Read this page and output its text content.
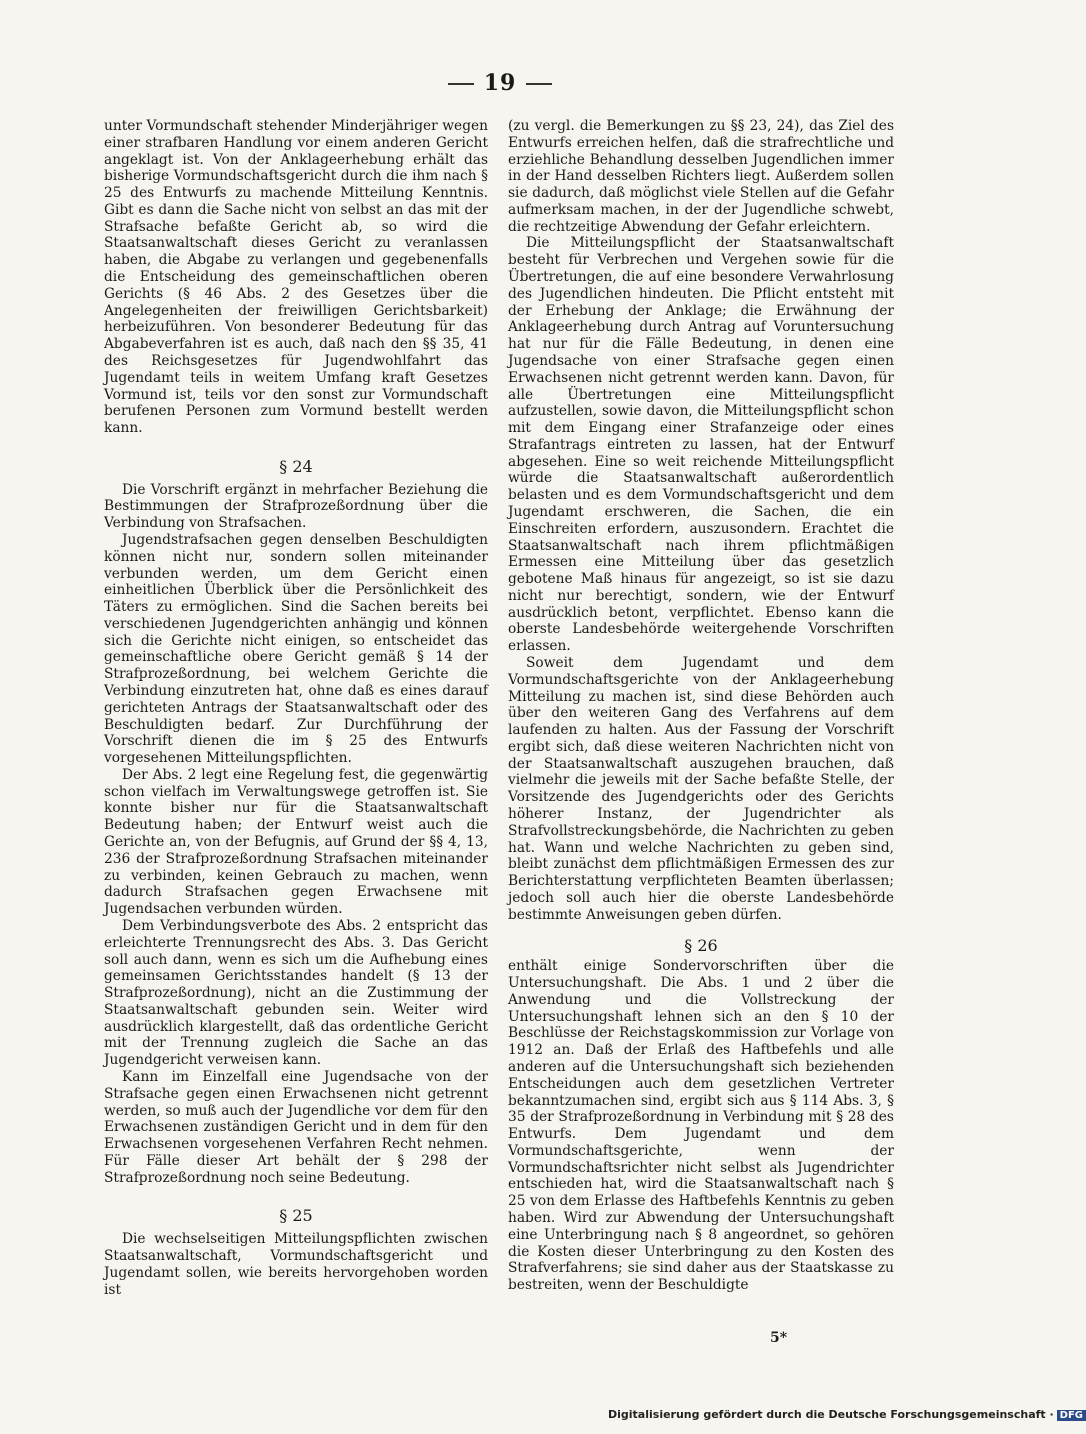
19

unter Vormundschaft stehender Minderjähriger wegen einer strafbaren Handlung vor einem anderen Gericht angeklagt ist. Von der Anklageerhebung erhält das bisherige Vormundschaftsgericht durch die ihm nach § 25 des Entwurfs zu machende Mitteilung Kenntnis. Gibt es dann die Sache nicht von selbst an das mit der Strafsache befaßte Gericht ab, so wird die Staatsanwaltschaft dieses Gericht zu veranlassen haben, die Abgabe zu verlangen und gegebenenfalls die Entscheidung des gemeinschaftlichen oberen Gerichts (§ 46 Abs. 2 des Gesetzes über die Angelegenheiten der freiwilligen Gerichtsbarkeit) herbeizuführen. Von besonderer Bedeutung für das Abgabeverfahren ist es auch, daß nach den §§ 35, 41 des Reichsgesetzes für Jugendwohlfahrt das Jugendamt teils in weitem Umfang kraft Gesetzes Vormund ist, teils vor den sonst zur Vormundschaft berufenen Personen zum Vormund bestellt werden kann.

§ 24

Die Vorschrift ergänzt in mehrfacher Beziehung die Bestimmungen der Strafprozeßordnung über die Verbindung von Strafsachen.

Jugendstrafsachen gegen denselben Beschuldigten können nicht nur, sondern sollen miteinander verbunden werden, um dem Gericht einen einheitlichen Überblick über die Persönlichkeit des Täters zu ermöglichen. Sind die Sachen bereits bei verschiedenen Jugendgerichten anhängig und können sich die Gerichte nicht einigen, so entscheidet das gemeinschaftliche obere Gericht gemäß § 14 der Strafprozeßordnung, bei welchem Gerichte die Verbindung einzutreten hat, ohne daß es eines darauf gerichteten Antrags der Staatsanwaltschaft oder des Beschuldigten bedarf. Zur Durchführung der Vorschrift dienen die im § 25 des Entwurfs vorgesehenen Mitteilungspflichten.

Der Abs. 2 legt eine Regelung fest, die gegenwärtig schon vielfach im Verwaltungswege getroffen ist. Sie konnte bisher nur für die Staatsanwaltschaft Bedeutung haben; der Entwurf weist auch die Gerichte an, von der Befugnis, auf Grund der §§ 4, 13, 236 der Strafprozeßordnung Strafsachen miteinander zu verbinden, keinen Gebrauch zu machen, wenn dadurch Strafsachen gegen Erwachsene mit Jugendsachen verbunden würden.

Dem Verbindungsverbote des Abs. 2 entspricht das erleichterte Trennungsrecht des Abs. 3. Das Gericht soll auch dann, wenn es sich um die Aufhebung eines gemeinsamen Gerichtsstandes handelt (§ 13 der Strafprozeßordnung), nicht an die Zustimmung der Staatsanwaltschaft gebunden sein. Weiter wird ausdrücklich klargestellt, daß das ordentliche Gericht mit der Trennung zugleich die Sache an das Jugendgericht verweisen kann.

Kann im Einzelfall eine Jugendsache von der Strafsache gegen einen Erwachsenen nicht getrennt werden, so muß auch der Jugendliche vor dem für den Erwachsenen zuständigen Gericht und in dem für den Erwachsenen vorgesehenen Verfahren Recht nehmen. Für Fälle dieser Art behält der § 298 der Strafprozeßordnung noch seine Bedeutung.

§ 25

Die wechselseitigen Mitteilungspflichten zwischen Staatsanwaltschaft, Vormundschaftsgericht und Jugendamt sollen, wie bereits hervorgehoben worden ist

(zu vergl. die Bemerkungen zu §§ 23, 24), das Ziel des Entwurfs erreichen helfen, daß die strafrechtliche und erziehliche Behandlung desselben Jugendlichen immer in der Hand desselben Richters liegt. Außerdem sollen sie dadurch, daß möglichst viele Stellen auf die Gefahr aufmerksam machen, in der der Jugendliche schwebt, die rechtzeitige Abwendung der Gefahr erleichtern.

Die Mitteilungspflicht der Staatsanwaltschaft besteht für Verbrechen und Vergehen sowie für die Übertretungen, die auf eine besondere Verwahrlosung des Jugendlichen hindeuten. Die Pflicht entsteht mit der Erhebung der Anklage; die Erwähnung der Anklageerhebung durch Antrag auf Voruntersuchung hat nur für die Fälle Bedeutung, in denen eine Jugendsache von einer Strafsache gegen einen Erwachsenen nicht getrennt werden kann. Davon, für alle Übertretungen eine Mitteilungspflicht aufzustellen, sowie davon, die Mitteilungspflicht schon mit dem Eingang einer Strafanzeige oder eines Strafantrags eintreten zu lassen, hat der Entwurf abgesehen. Eine so weit reichende Mitteilungspflicht würde die Staatsanwaltschaft außerordentlich belasten und es dem Vormundschaftsgericht und dem Jugendamt erschweren, die Sachen, die ein Einschreiten erfordern, auszusondern. Erachtet die Staatsanwaltschaft nach ihrem pflichtmäßigen Ermessen eine Mitteilung über das gesetzlich gebotene Maß hinaus für angezeigt, so ist sie dazu nicht nur berechtigt, sondern, wie der Entwurf ausdrücklich betont, verpflichtet. Ebenso kann die oberste Landesbehörde weitergehende Vorschriften erlassen.

Soweit dem Jugendamt und dem Vormundschaftsgerichte von der Anklageerhebung Mitteilung zu machen ist, sind diese Behörden auch über den weiteren Gang des Verfahrens auf dem laufenden zu halten. Aus der Fassung der Vorschrift ergibt sich, daß diese weiteren Nachrichten nicht von der Staatsanwaltschaft auszugehen brauchen, daß vielmehr die jeweils mit der Sache befaßte Stelle, der Vorsitzende des Jugendgerichts oder des Gerichts höherer Instanz, der Jugendrichter als Strafvollstreckungsbehörde, die Nachrichten zu geben hat. Wann und welche Nachrichten zu geben sind, bleibt zunächst dem pflichtmäßigen Ermessen des zur Berichterstattung verpflichteten Beamten überlassen; jedoch soll auch hier die oberste Landesbehörde bestimmte Anweisungen geben dürfen.

§ 26

enthält einige Sondervorschriften über die Untersuchungshaft. Die Abs. 1 und 2 über die Anwendung und die Vollstreckung der Untersuchungshaft lehnen sich an den § 10 der Beschlüsse der Reichstagskommission zur Vorlage von 1912 an. Daß der Erlaß des Haftbefehls und alle anderen auf die Untersuchungshaft sich beziehenden Entscheidungen auch dem gesetzlichen Vertreter bekanntzumachen sind, ergibt sich aus § 114 Abs. 3, § 35 der Strafprozeßordnung in Verbindung mit § 28 des Entwurfs. Dem Jugendamt und dem Vormundschaftsgerichte, wenn der Vormundschaftsrichter nicht selbst als Jugendrichter entschieden hat, wird die Staatsanwaltschaft nach § 25 von dem Erlasse des Haftbefehls Kenntnis zu geben haben. Wird zur Abwendung der Untersuchungshaft eine Unterbringung nach § 8 angeordnet, so gehören die Kosten dieser Unterbringung zu den Kosten des Strafverfahrens; sie sind daher aus der Staatskasse zu bestreiten, wenn der Beschuldigte

5*
Digitalisierung gefördert durch die Deutsche Forschungsgemeinschaft · DFG
